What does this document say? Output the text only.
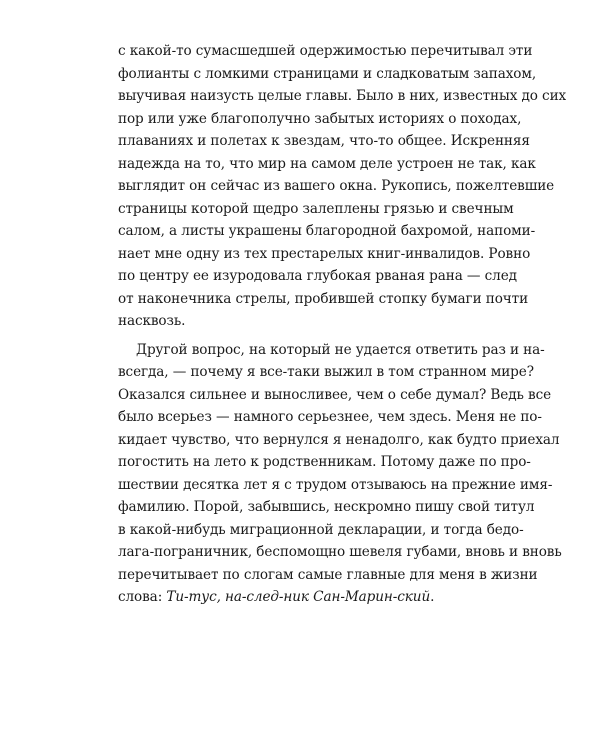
с какой-то сумасшедшей одержимостью перечитывал эти
фолианты с ломкими страницами и сладковатым запахом,
выучивая наизусть целые главы. Было в них, известных до сих
пор или уже благополучно забытых историях о походах,
плаваниях и полетах к звездам, что-то общее. Искренняя
надежда на то, что мир на самом деле устроен не так, как
выглядит он сейчас из вашего окна. Рукопись, пожелтевшие
страницы которой щедро залеплены грязью и свечным
салом, а листы украшены благородной бахромой, напоми-
нает мне одну из тех престарелых книг-инвалидов. Ровно
по центру ее изуродовала глубокая рваная рана — след
от наконечника стрелы, пробившей стопку бумаги почти
насквозь.
Другой вопрос, на который не удается ответить раз и на-
всегда, — почему я все-таки выжил в том странном мире?
Оказался сильнее и выносливее, чем о себе думал? Ведь все
было всерьез — намного серьезнее, чем здесь. Меня не по-
кидает чувство, что вернулся я ненадолго, как будто приехал
погостить на лето к родственникам. Потому даже по про-
шествии десятка лет я с трудом отзываюсь на прежние имя-
фамилию. Порой, забывшись, нескромно пишу свой титул
в какой-нибудь миграционной декларации, и тогда бедо-
лага-пограничник, беспомощно шевеля губами, вновь и вновь
перечитывает по слогам самые главные для меня в жизни
слова: Ти-тус, на-след-ник Сан-Марин-ский.
